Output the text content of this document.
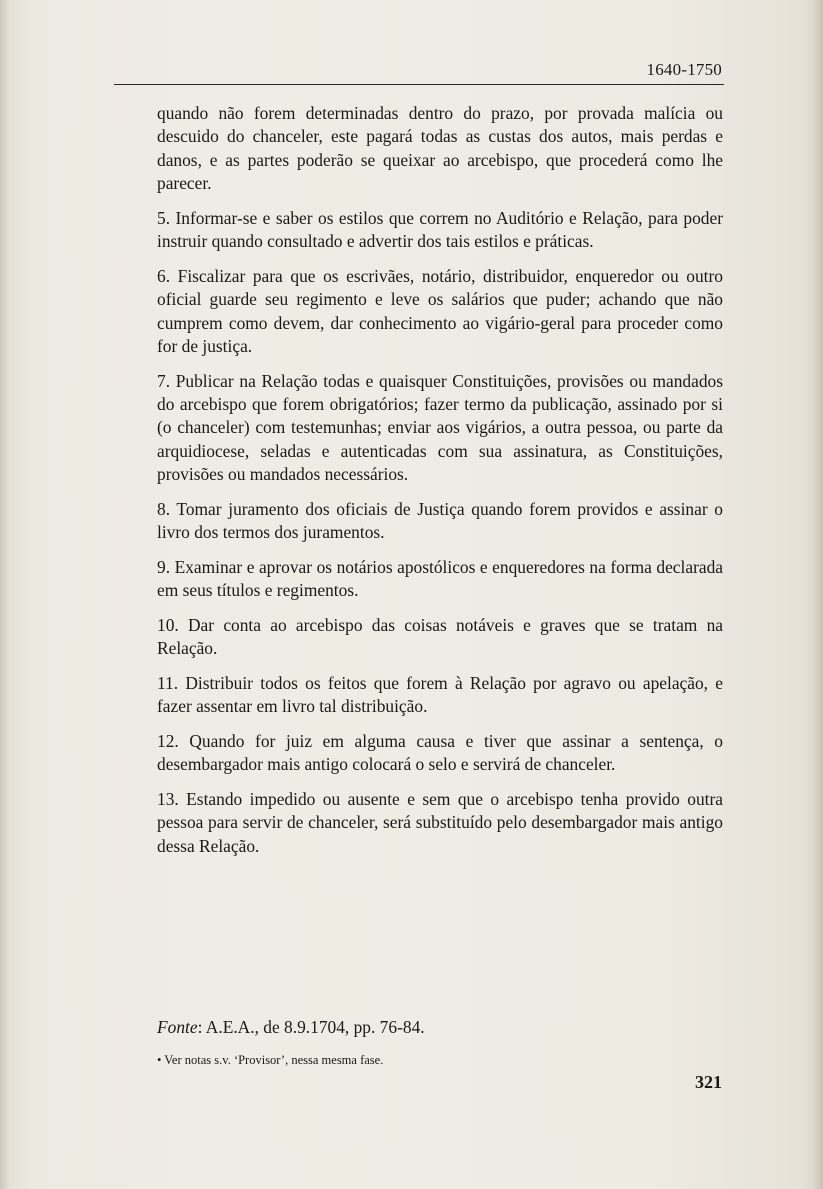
1640-1750

quando não forem determinadas dentro do prazo, por provada malícia ou descuido do chanceler, este pagará todas as custas dos autos, mais perdas e danos, e as partes poderão se queixar ao arcebispo, que procederá como lhe parecer.

5. Informar-se e saber os estilos que correm no Auditório e Relação, para poder instruir quando consultado e advertir dos tais estilos e práticas.

6. Fiscalizar para que os escrivães, notário, distribuidor, enqueredor ou outro oficial guarde seu regimento e leve os salários que puder; achando que não cumprem como devem, dar conhecimento ao vigário-geral para proceder como for de justiça.

7. Publicar na Relação todas e quaisquer Constituições, provisões ou mandados do arcebispo que forem obrigatórios; fazer termo da publicação, assinado por si (o chanceler) com testemunhas; enviar aos vigários, a outra pessoa, ou parte da arquidiocese, seladas e autenticadas com sua assinatura, as Constituições, provisões ou mandados necessários.

8. Tomar juramento dos oficiais de Justiça quando forem providos e assinar o livro dos termos dos juramentos.

9. Examinar e aprovar os notários apostólicos e enqueredores na forma declarada em seus títulos e regimentos.

10. Dar conta ao arcebispo das coisas notáveis e graves que se tratam na Relação.

11. Distribuir todos os feitos que forem à Relação por agravo ou apelação, e fazer assentar em livro tal distribuição.

12. Quando for juiz em alguma causa e tiver que assinar a sentença, o desembargador mais antigo colocará o selo e servirá de chanceler.

13. Estando impedido ou ausente e sem que o arcebispo tenha provido outra pessoa para servir de chanceler, será substituído pelo desembargador mais antigo dessa Relação.

Fonte: A.E.A., de 8.9.1704, pp. 76-84.
• Ver notas s.v. ‘Provisor’, nessa mesma fase.
321
